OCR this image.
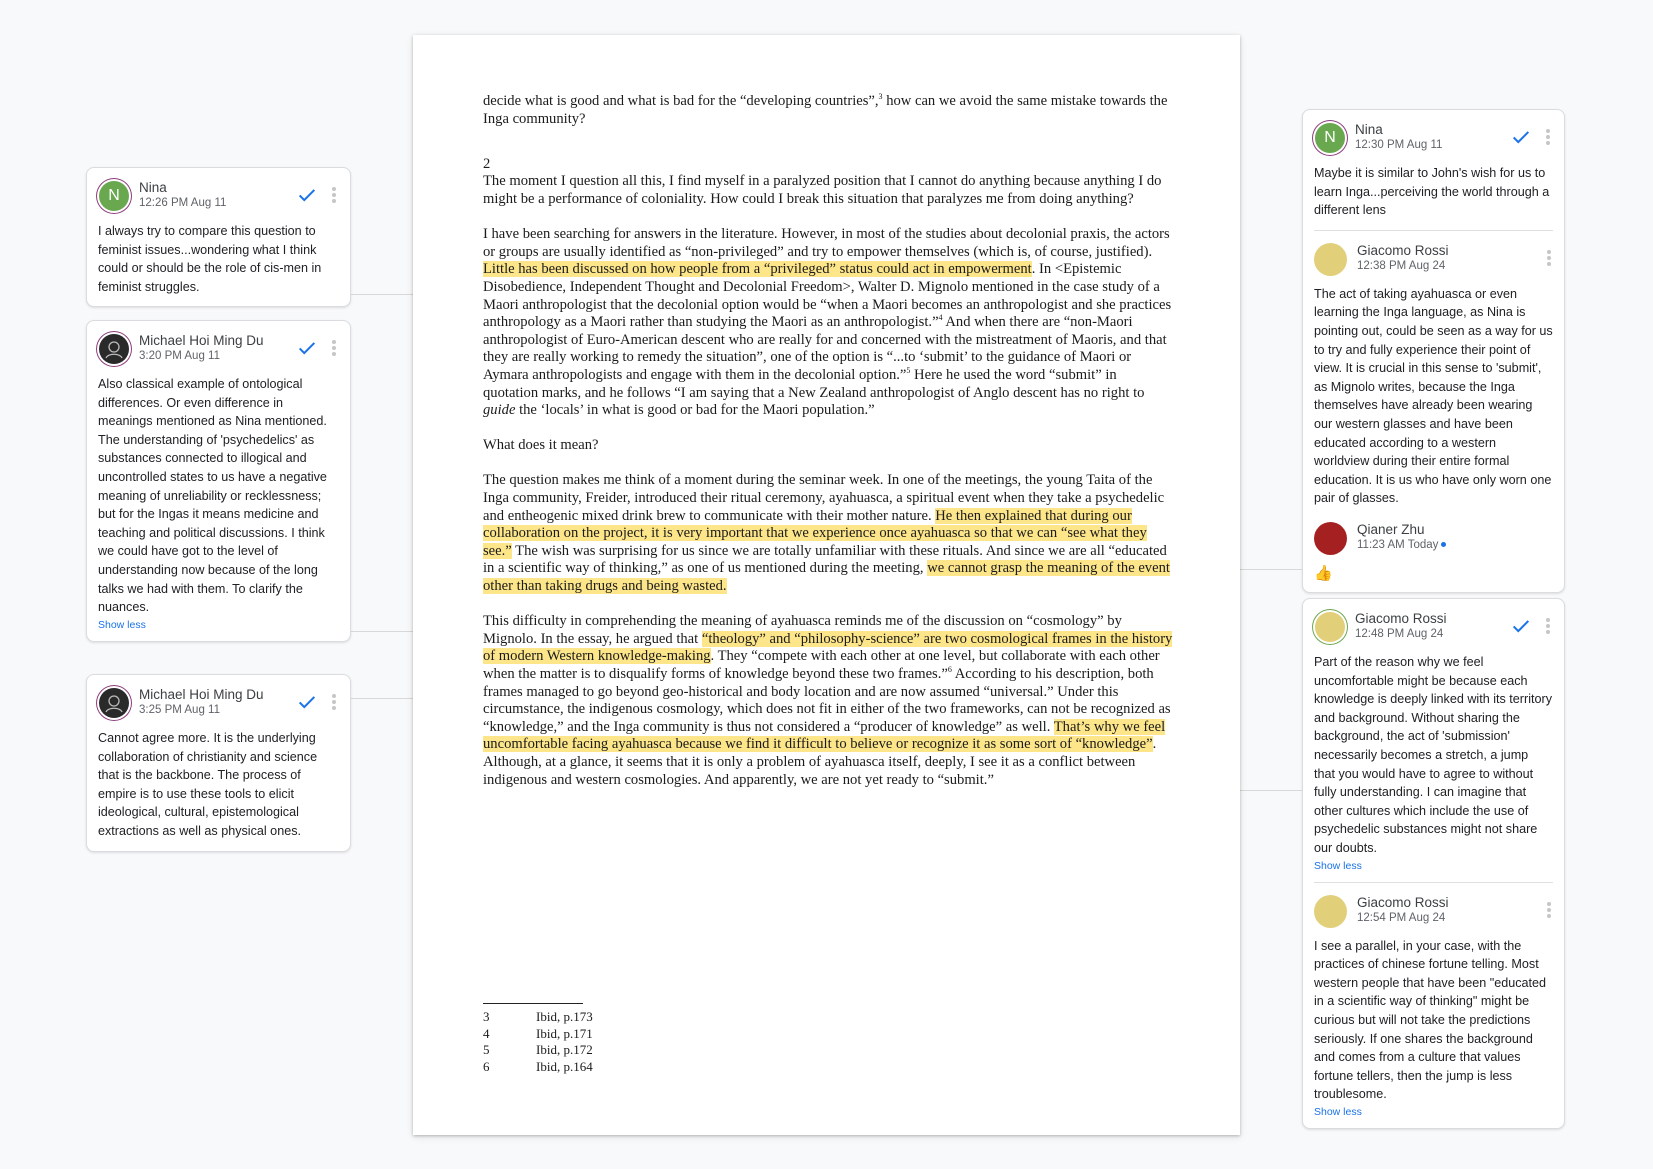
decide what is good and what is bad for the “developing countries”,$^3$ how can we avoid the same mistake towards the Inga community?

2

The moment I question all this, I find myself in a paralyzed position that I cannot do anything because anything I do might be a performance of coloniality. How could I break this situation that paralyzes me from doing anything?

I have been searching for answers in the literature. However, in most of the studies about decolonial praxis, the actors or groups are usually identified as “non-privileged” and try to empower themselves (which is, of course, justified). Little has been discussed on how people from a “privileged” status could act in empowerment. In <Epistemic Disobedience, Independent Thought and Decolonial Freedom>, Walter D. Mignolo mentioned in the case study of a Maori anthropologist that the decolonial option would be “when a Maori becomes an anthropologist and she practices anthropology as a Maori rather than studying the Maori as an anthropologist.”$^4$ And when there are “non-Maori anthropologist of Euro-American descent who are really for and concerned with the mistreatment of Maoris, and that they are really working to remedy the situation”, one of the option is “...to ‘submit’ to the guidance of Maori or Aymara anthropologists and engage with them in the decolonial option.”$^5$ Here he used the word “submit” in quotation marks, and he follows “I am saying that a New Zealand anthropologist of Anglo descent has no right to guide the ‘locals’ in what is good or bad for the Maori population.”

What does it mean?

The question makes me think of a moment during the seminar week. In one of the meetings, the young Taita of the Inga community, Freider, introduced their ritual ceremony, ayahuasca, a spiritual event when they take a psychedelic and entheogenic mixed drink brew to communicate with their mother nature. He then explained that during our collaboration on the project, it is very important that we experience once ayahuasca so that we can “see what they see.” The wish was surprising for us since we are totally unfamiliar with these rituals. And since we are all “educated in a scientific way of thinking,” as one of us mentioned during the meeting, we cannot grasp the meaning of the event other than taking drugs and being wasted.

This difficulty in comprehending the meaning of ayahuasca reminds me of the discussion on “cosmology” by Mignolo. In the essay, he argued that “theology” and “philosophy-science” are two cosmological frames in the history of modern Western knowledge-making. They “compete with each other at one level, but collaborate with each other when the matter is to disqualify forms of knowledge beyond these two frames.”$^6$ According to his description, both frames managed to go beyond geo-historical and body location and are now assumed “universal.” Under this circumstance, the indigenous cosmology, which does not fit in either of the two frameworks, can not be recognized as “knowledge,” and the Inga community is thus not considered a “producer of knowledge” as well. That’s why we feel uncomfortable facing ayahuasca because we find it difficult to believe or recognize it as some sort of “knowledge”. Although, at a glance, it seems that it is only a problem of ayahuasca itself, deeply, I see it as a conflict between indigenous and western cosmologies. And apparently, we are not yet ready to “submit.”

3	Ibid, p.173
4	Ibid, p.171
5	Ibid, p.172
6	Ibid, p.164
N	Nina
12:26 PM Aug 11
I always try to compare this question to feminist issues...wondering what I think could or should be the role of cis-men in feminist struggles.
Michael Hoi Ming Du
3:20 PM Aug 11
Also classical example of ontological differences. Or even difference in meanings mentioned as Nina mentioned. The understanding of 'psychedelics' as substances connected to illogical and uncontrolled states to us have a negative meaning of unreliability or recklessness; but for the Ingas it means medicine and teaching and political discussions. I think we could have got to the level of understanding now because of the long talks we had with them. To clarify the nuances.
Show less
Michael Hoi Ming Du
3:25 PM Aug 11
Cannot agree more. It is the underlying collaboration of christianity and science that is the backbone. The process of empire is to use these tools to elicit ideological, cultural, epistemological extractions as well as physical ones.
N	Nina
12:30 PM Aug 11
Maybe it is similar to John's wish for us to learn Inga...perceiving the world through a different lens
Giacomo Rossi
12:38 PM Aug 24
The act of taking ayahuasca or even learning the Inga language, as Nina is pointing out, could be seen as a way for us to try and fully experience their point of view. It is crucial in this sense to 'submit', as Mignolo writes, because the Inga themselves have already been wearing our western glasses and have been educated according to a western worldview during their entire formal education. It is us who have only worn one pair of glasses.
Qianer Zhu
11:23 AM Today
👍
Giacomo Rossi
12:48 PM Aug 24
Part of the reason why we feel uncomfortable might be because each knowledge is deeply linked with its territory and background. Without sharing the background, the act of 'submission' necessarily becomes a stretch, a jump that you would have to agree to without fully understanding. I can imagine that other cultures which include the use of psychedelic substances might not share our doubts.
Show less
Giacomo Rossi
12:54 PM Aug 24
I see a parallel, in your case, with the practices of chinese fortune telling. Most western people that have been "educated in a scientific way of thinking" might be curious but will not take the predictions seriously. If one shares the background and comes from a culture that values fortune tellers, then the jump is less troublesome.
Show less
